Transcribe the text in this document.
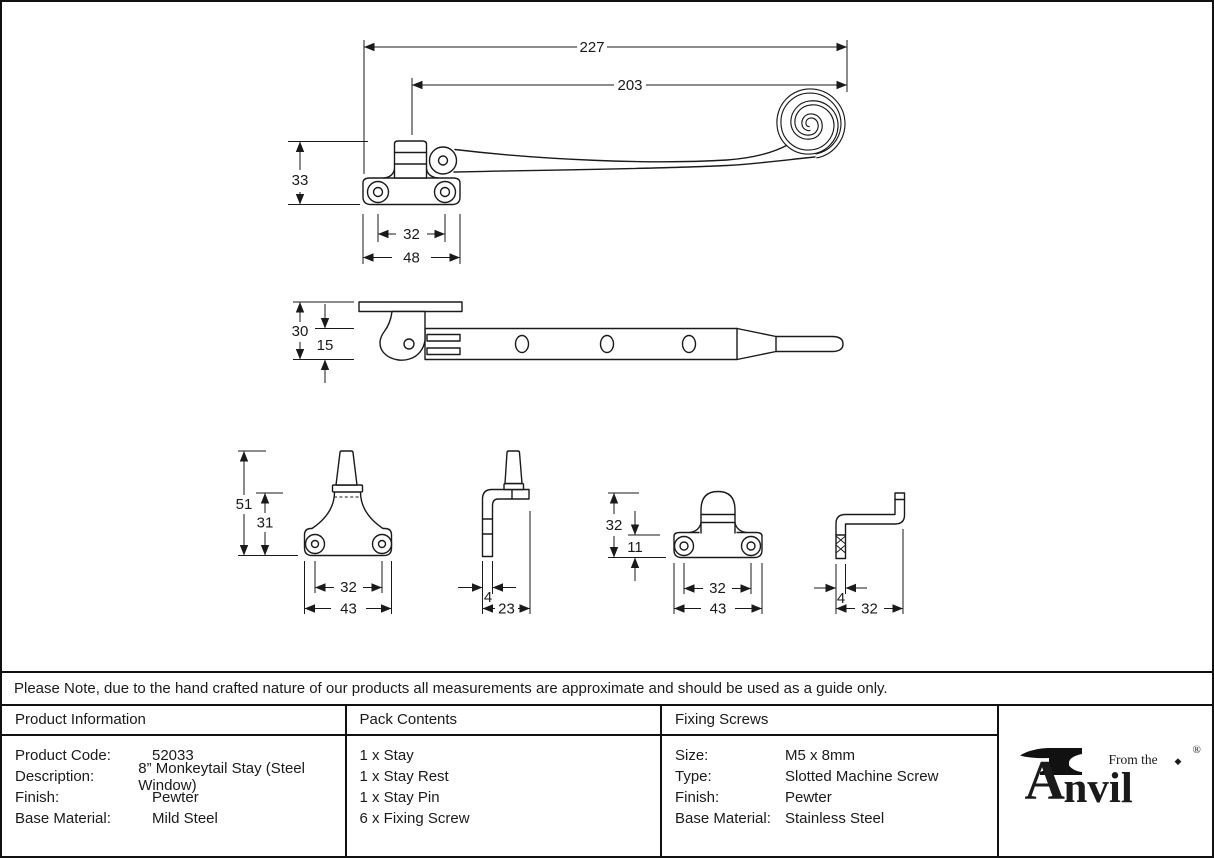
227
203
33
32
48
30
15
51
31
32
43
4
23
32
11
32
43
4
32
Please Note, due to the hand crafted nature of our products all measurements are approximate and should be used as a guide only.
Product Information
Product Code:	52033
Description:	8” Monkeytail Stay (Steel Window)
Finish:	Pewter
Base Material:	Mild Steel
Pack Contents
1 x Stay
1 x Stay Rest
1 x Stay Pin
6 x Fixing Screw
Fixing Screws
Size:	M5 x 8mm
Type:	Slotted Machine Screw
Finish:	Pewter
Base Material: Stainless Steel
A
nvil
From the ◆
®
